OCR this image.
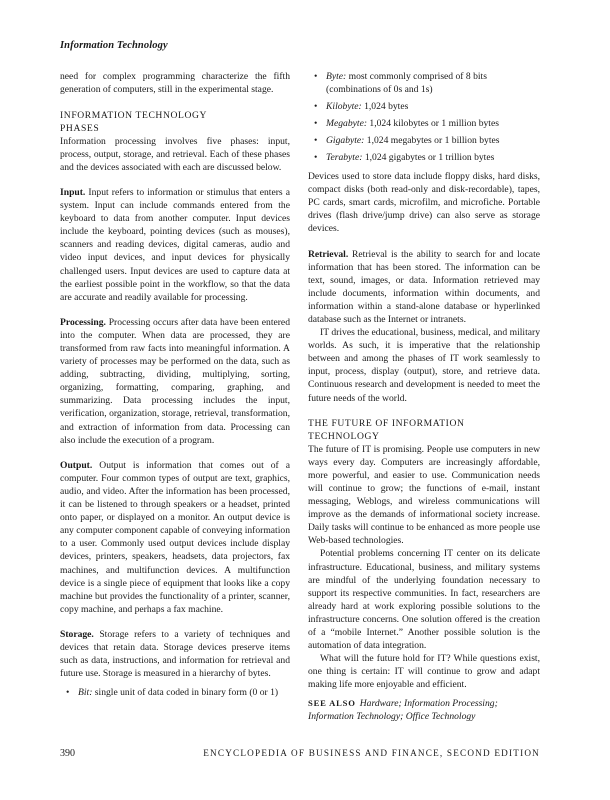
Information Technology

need for complex programming characterize the fifth generation of computers, still in the experimental stage.

INFORMATION TECHNOLOGY
PHASES

Information processing involves five phases: input, process, output, storage, and retrieval. Each of these phases and the devices associated with each are discussed below.

Input. Input refers to information or stimulus that enters a system. Input can include commands entered from the keyboard to data from another computer. Input devices include the keyboard, pointing devices (such as mouses), scanners and reading devices, digital cameras, audio and video input devices, and input devices for physically challenged users. Input devices are used to capture data at the earliest possible point in the workflow, so that the data are accurate and readily available for processing.

Processing. Processing occurs after data have been entered into the computer. When data are processed, they are transformed from raw facts into meaningful information. A variety of processes may be performed on the data, such as adding, subtracting, dividing, multiplying, sorting, organizing, formatting, comparing, graphing, and summarizing. Data processing includes the input, verification, organization, storage, retrieval, transformation, and extraction of information from data. Processing can also include the execution of a program.

Output. Output is information that comes out of a computer. Four common types of output are text, graphics, audio, and video. After the information has been processed, it can be listened to through speakers or a headset, printed onto paper, or displayed on a monitor. An output device is any computer component capable of conveying information to a user. Commonly used output devices include display devices, printers, speakers, headsets, data projectors, fax machines, and multifunction devices. A multifunction device is a single piece of equipment that looks like a copy machine but provides the functionality of a printer, scanner, copy machine, and perhaps a fax machine.

Storage. Storage refers to a variety of techniques and devices that retain data. Storage devices preserve items such as data, instructions, and information for retrieval and future use. Storage is measured in a hierarchy of bytes.

• Bit: single unit of data coded in binary form (0 or 1)
• Byte: most commonly comprised of 8 bits (combinations of 0s and 1s)
• Kilobyte: 1,024 bytes
• Megabyte: 1,024 kilobytes or 1 million bytes
• Gigabyte: 1,024 megabytes or 1 billion bytes
• Terabyte: 1,024 gigabytes or 1 trillion bytes

Devices used to store data include floppy disks, hard disks, compact disks (both read-only and disk-recordable), tapes, PC cards, smart cards, microfilm, and microfiche. Portable drives (flash drive/jump drive) can also serve as storage devices.

Retrieval. Retrieval is the ability to search for and locate information that has been stored. The information can be text, sound, images, or data. Information retrieved may include documents, information within documents, and information within a stand-alone database or hyperlinked database such as the Internet or intranets.

IT drives the educational, business, medical, and military worlds. As such, it is imperative that the relationship between and among the phases of IT work seamlessly to input, process, display (output), store, and retrieve data. Continuous research and development is needed to meet the future needs of the world.

THE FUTURE OF INFORMATION
TECHNOLOGY

The future of IT is promising. People use computers in new ways every day. Computers are increasingly affordable, more powerful, and easier to use. Communication needs will continue to grow; the functions of e-mail, instant messaging, Weblogs, and wireless communications will improve as the demands of informational society increase. Daily tasks will continue to be enhanced as more people use Web-based technologies.

Potential problems concerning IT center on its delicate infrastructure. Educational, business, and military systems are mindful of the underlying foundation necessary to support its respective communities. In fact, researchers are already hard at work exploring possible solutions to the infrastructure concerns. One solution offered is the creation of a “mobile Internet.” Another possible solution is the automation of data integration.

What will the future hold for IT? While questions exist, one thing is certain: IT will continue to grow and adapt making life more enjoyable and efficient.

SEE ALSO Hardware; Information Processing; Information Technology; Office Technology
390	ENCYCLOPEDIA OF BUSINESS AND FINANCE, SECOND EDITION
